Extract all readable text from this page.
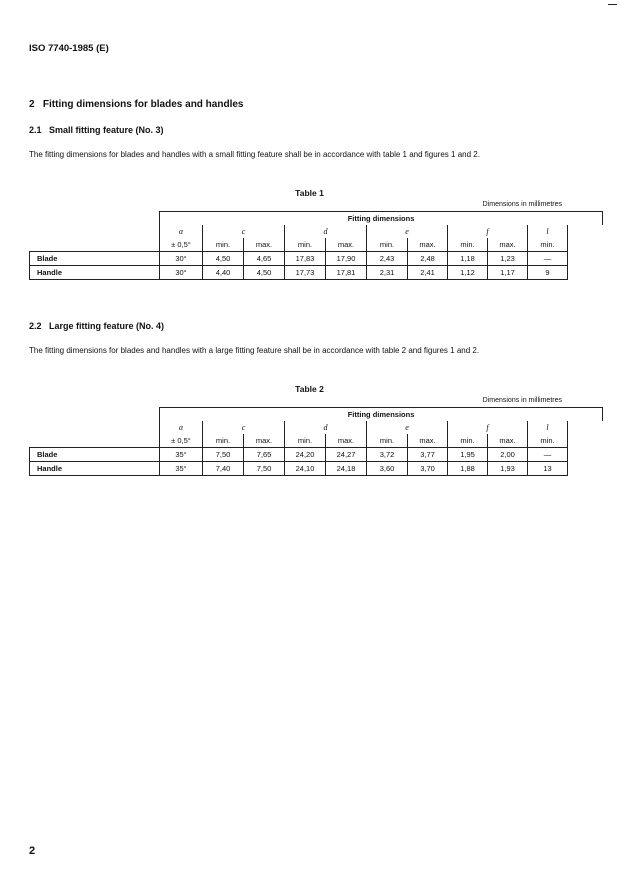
ISO 7740-1985 (E)
2   Fitting dimensions for blades and handles
2.1   Small fitting feature (No. 3)
The fitting dimensions for blades and handles with a small fitting feature shall be in accordance with table 1 and figures 1 and 2.
Table 1
Dimensions in millimetres
	Fitting dimensions									
	α	c		d		e		f		l
	± 0,5°	min.	max.	min.	max.	min.	max.	min.	max.	min.
Blade	30°	4,50	4,65	17,83	17,90	2,43	2,48	1,18	1,23	—
Handle	30°	4,40	4,50	17,73	17,81	2,31	2,41	1,12	1,17	9
2.2   Large fitting feature (No. 4)
The fitting dimensions for blades and handles with a large fitting feature shall be in accordance with table 2 and figures 1 and 2.
Table 2
Dimensions in millimetres
	Fitting dimensions									
	α	c		d		e		f		l
	± 0,5°	min.	max.	min.	max.	min.	max.	min.	max.	min.
Blade	35°	7,50	7,65	24,20	24,27	3,72	3,77	1,95	2,00	—
Handle	35°	7,40	7,50	24,10	24,18	3,60	3,70	1,88	1,93	13
2
